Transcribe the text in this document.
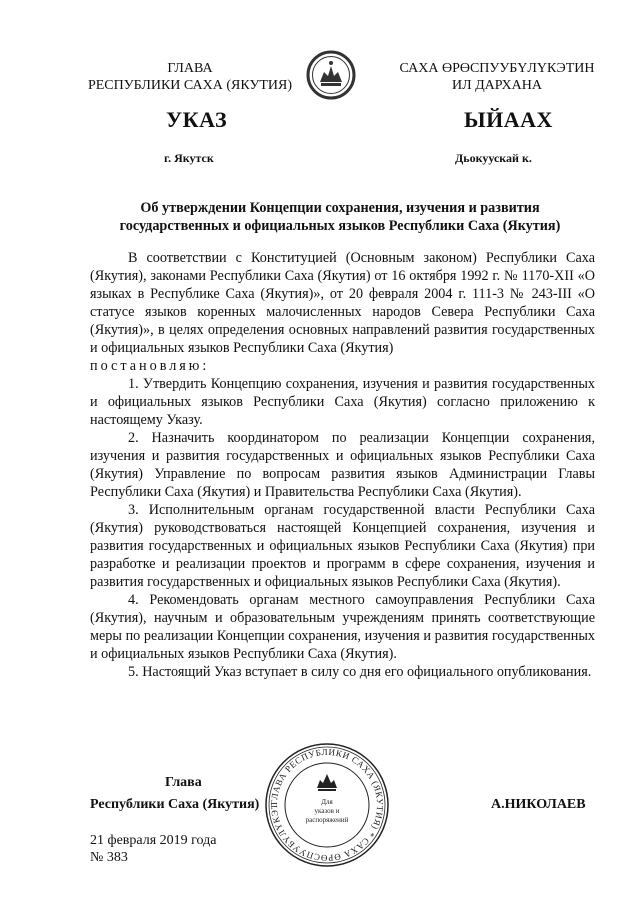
ГЛАВА
РЕСПУБЛИКИ САХА (ЯКУТИЯ)
САХА ӨРӨСПУУБҮЛҮКЭТИН
ИЛ ДАРХАНА
УКАЗ	ЫЙААХ
г. Якутск	Дьокуускай к.
Об утверждении Концепции сохранения, изучения и развития
государственных и официальных языков Республики Саха (Якутия)

В соответствии с Конституцией (Основным законом) Республики Саха (Якутия), законами Республики Саха (Якутия) от 16 октября 1992 г. № 1170-XII «О языках в Республике Саха (Якутия)», от 20 февраля 2004 г. 111-3 № 243-III «О статусе языков коренных малочисленных народов Севера Республики Саха (Якутия)», в целях определения основных направлений развития государственных и официальных языков Республики Саха (Якутия)

постановляю:

1. Утвердить Концепцию сохранения, изучения и развития государственных и официальных языков Республики Саха (Якутия) согласно приложению к настоящему Указу.

2. Назначить координатором по реализации Концепции сохранения, изучения и развития государственных и официальных языков Республики Саха (Якутия) Управление по вопросам развития языков Администрации Главы Республики Саха (Якутия) и Правительства Республики Саха (Якутия).

3. Исполнительным органам государственной власти Республики Саха (Якутия) руководствоваться настоящей Концепцией сохранения, изучения и развития государственных и официальных языков Республики Саха (Якутия) при разработке и реализации проектов и программ в сфере сохранения, изучения и развития государственных и официальных языков Республики Саха (Якутия).

4. Рекомендовать органам местного самоуправления Республики Саха (Якутия), научным и образовательным учреждениям принять соответствующие меры по реализации Концепции сохранения, изучения и развития государственных и официальных языков Республики Саха (Якутия).

5. Настоящий Указ вступает в силу со дня его официального опубликования.

ГЛАВА РЕСПУБЛИКИ САХА (ЯКУТИЯ) * САХА ӨРӨСПУУБҮЛҮКЭТ
Для
указов и
распоряжений
Глава
Республики Саха (Якутия)	А.НИКОЛАЕВ
21 февраля 2019 года
№ 383
